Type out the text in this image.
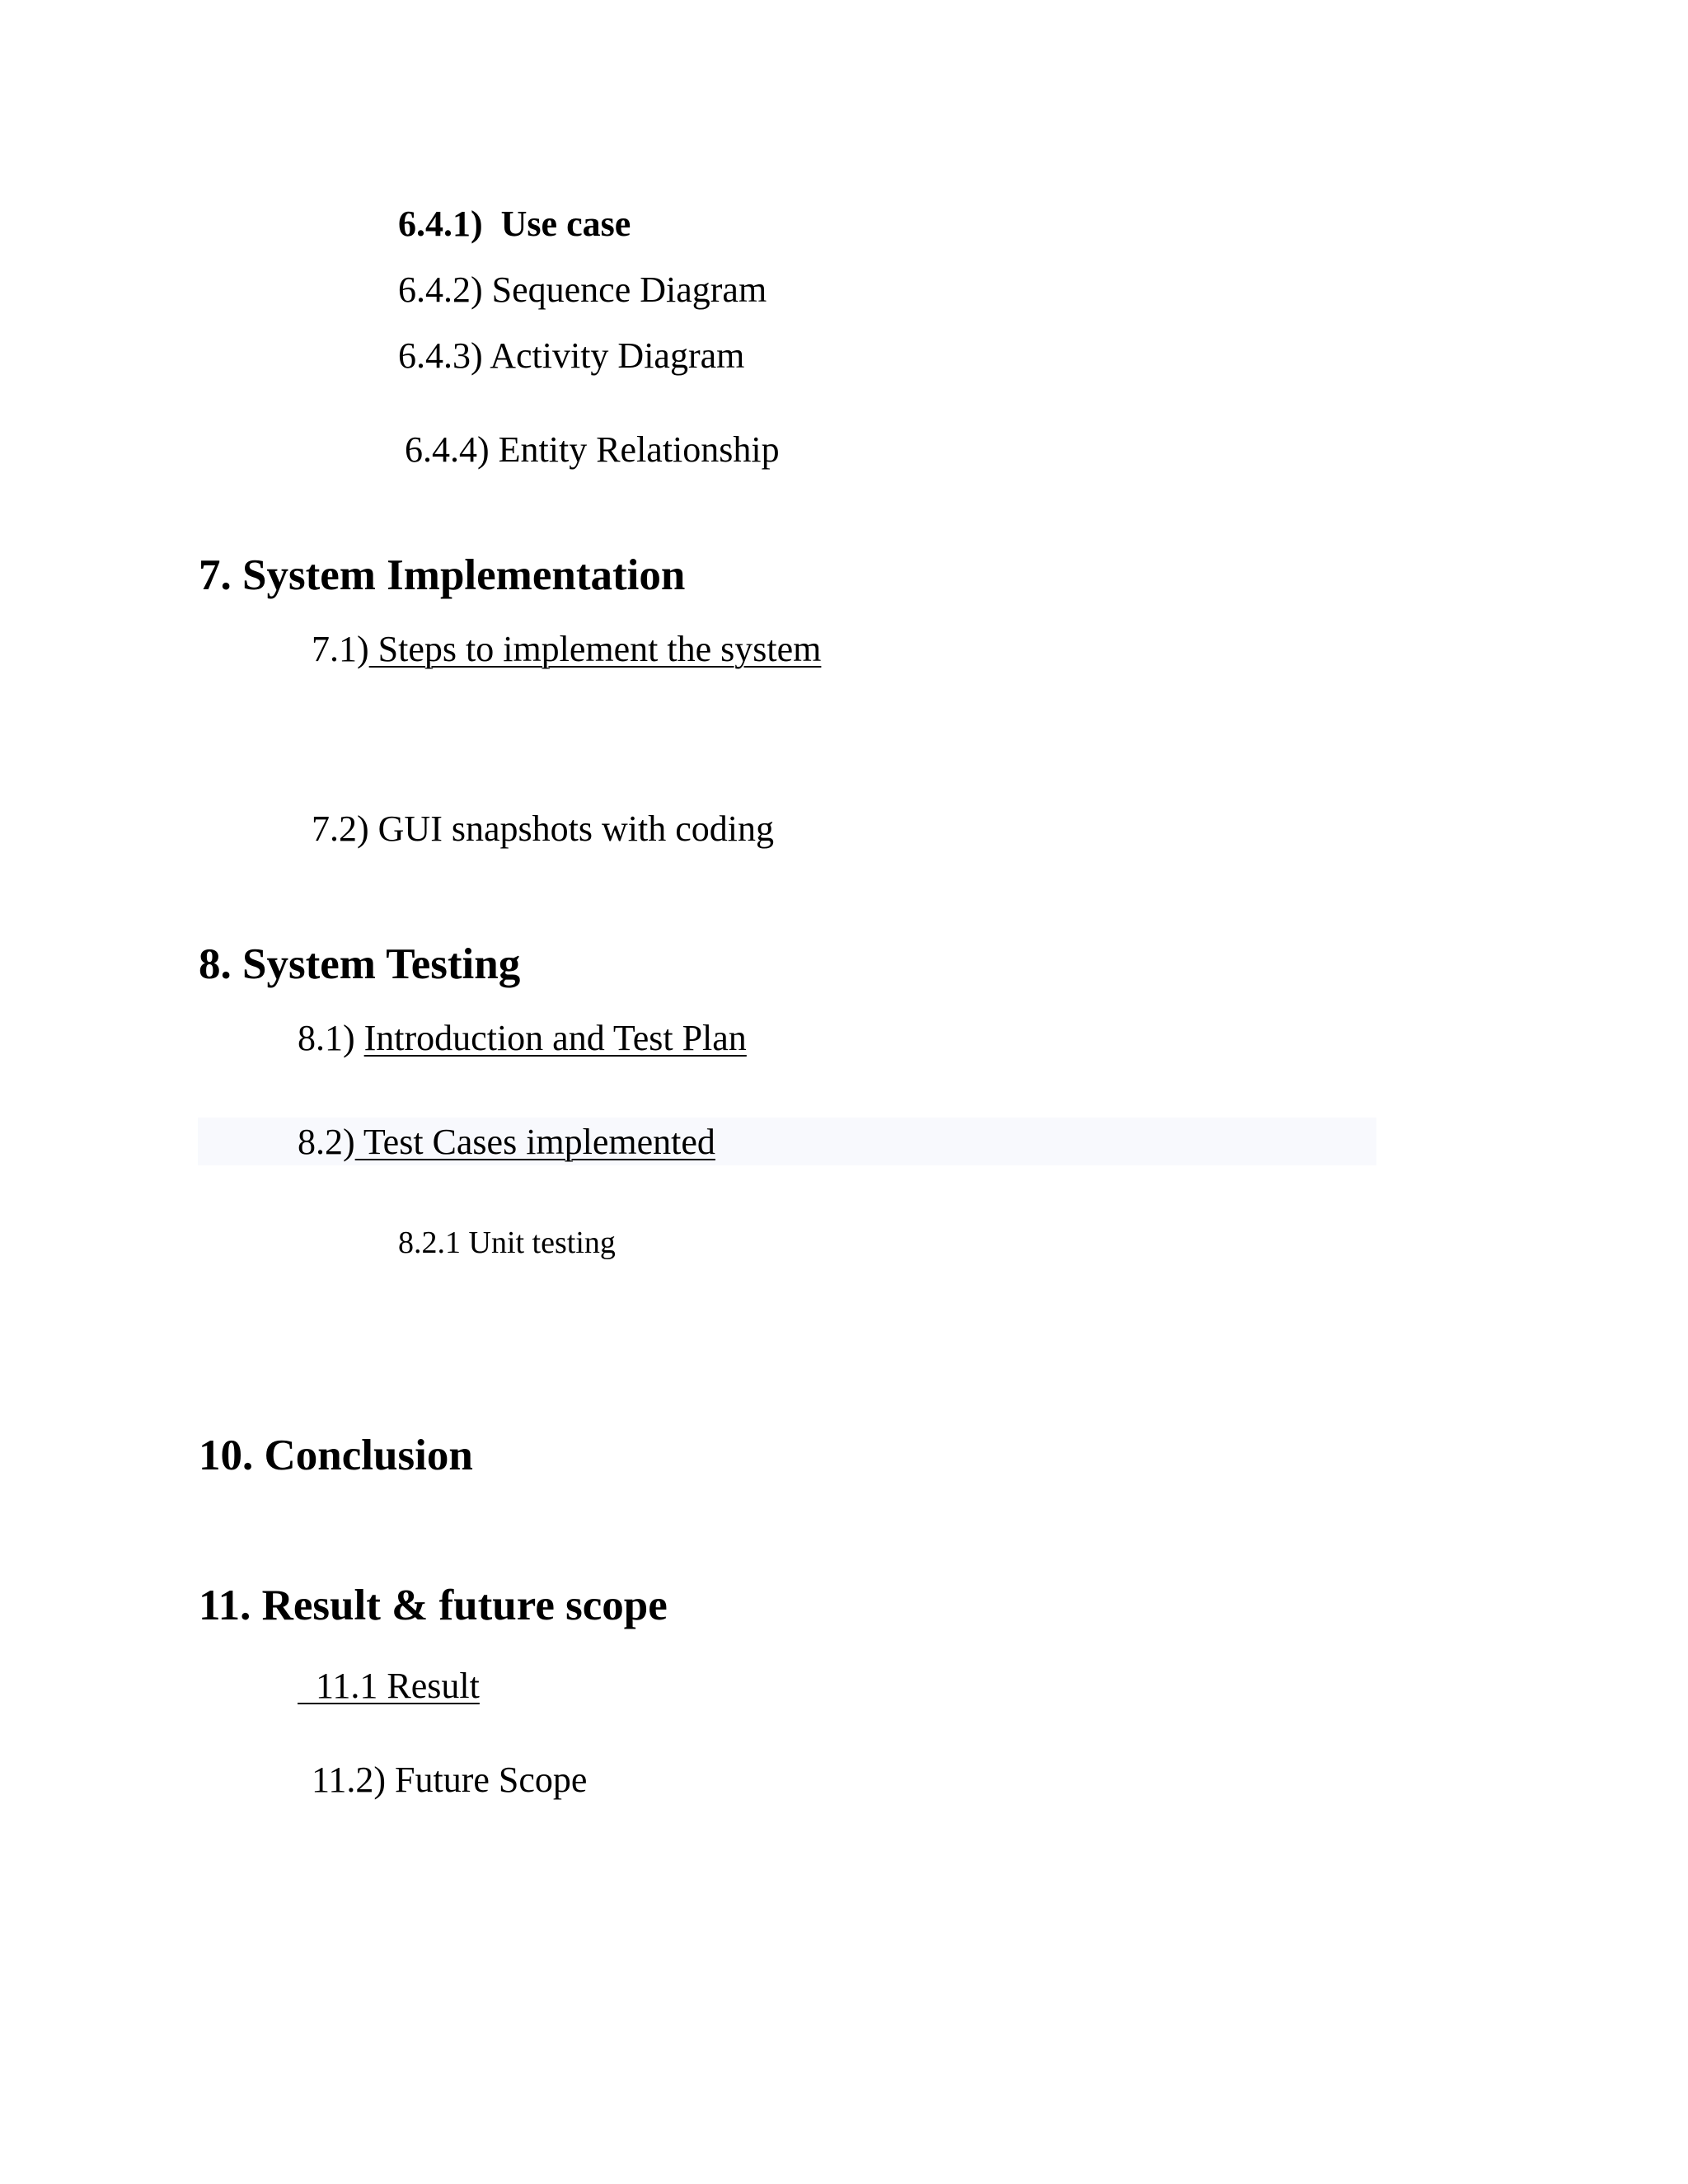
6.4.1)  Use case
6.4.2) Sequence Diagram
6.4.3) Activity Diagram
6.4.4) Entity Relationship
7. System Implementation
7.1) Steps to implement the system
7.2) GUI snapshots with coding
8. System Testing
8.1) Introduction and Test Plan
8.2) Test Cases implemented
8.2.1 Unit testing
10. Conclusion
11. Result & future scope
11.1 Result
11.2) Future Scope
